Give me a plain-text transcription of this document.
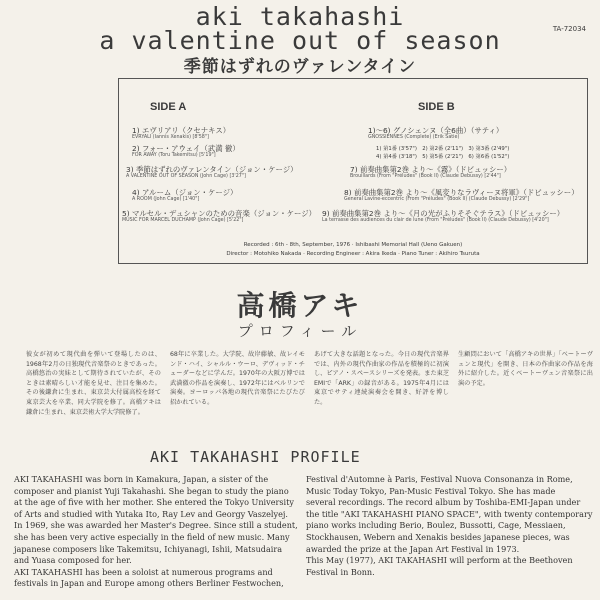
aki takahashi
a valentine out of season
季節はずれのヴァレンタイン
TA-72034
SIDE A	SIDE B
1) エヴリアリ（クセナキス）
EVRYALI (Iannis Xenakis) [8'58"]
2) フォー・アウェイ（武満 徹）
FOR AWAY (Toru Takemitsu) [5'19"]
3) 季節はずれのヴァレンタイン（ジョン・ケージ）
A VALENTINE OUT OF SEASON (John Cage) [3'27"]
4) アルーム（ジョン・ケージ）
A ROOM (John Cage) [1'40"]
5) マルセル・デュシャンのための音楽（ジョン・ケージ）
MUSIC FOR MARCEL DUCHAMP (John Cage) [5'22"]
1)～6) グノシェンヌ（全6曲）（サティ）
GNOSSIENNES (Complete) (Erik Satie)
1) 第1番 (3'57")　2) 第2番 (2'11")　3) 第3番 (2'49")
4) 第4番 (3'18")　5) 第5番 (2'21")　6) 第6番 (1'52")
7) 前奏曲集第2巻 より～《霧》（ドビュッシー）
Brouillards (From "Préludes" (Book II) (Claude Debussy) [2'44"]
8) 前奏曲集第2巻 より～《風変りなラヴィーヌ将軍》（ドビュッシー）
General Lavine-eccentric (From "Préludes" (Book II) (Claude Debussy) [2'29"]
9) 前奏曲集第2巻 より～《月の光がふりそそぐテラス》（ドビュッシー）
La terrasse des audiences du clair de lune (From "Préludes" (Book II) (Claude Debussy) [4'20"]
Recorded : 6th - 8th, September, 1976 · Ishibashi Memorial Hall (Ueno Gakuen)
Director : Motohiko Nakada · Recording Engineer : Akira Ikeda · Piano Tuner : Akihiro Tsuruta
高橋アキ
プロフィール
彼女が初めて現代曲を弾いて登場したのは、1968年2月の日独現代音楽祭のときであった。高橋悠治の実妹として期待されていたが、そのときは素晴らしい才能を見せ、注目を集めた。その後鎌倉に生まれ、東京芸大付属高校を経て東京芸大を卒業、同大学院を修了。高橋アキは鎌倉に生まれ、東京芸術大学大学院修了。
68年に卒業した。大学院、故岸藤敏、故レイモンド・ハイ、シャルル・ウーロ、デヴィッド・チューダーなどに学んだ。1970年の大阪万博では武満徹の作品を演奏し、1972年にはベルリンで演奏。ヨーロッパ各地の現代音楽祭にたびたび招かれている。
あげて大きな話題となった。今日の現代音楽界では、内外の現代作曲家の作品を積極的に初演し、ピアノ・スペースシリーズを発表。また東芝EMIで「ARK」の録音がある。1975年4月には東京でサティ連続演奏会を開き、好評を博した。
生顧問において「高橋アキの世界」「ベートーヴェンと現代」を開き、日本の作曲家の作品を海外に紹介した。近くベートーヴェン音楽祭に出演の予定。
AKI TAKAHASHI PROFILE
AKI TAKAHASHI was born in Kamakura, Japan, a sister of the
composer and pianist Yuji Takahashi. She began to study the piano
at the age of five with her mother. She entered the Tokyo University
of Arts and studied with Yutaka Ito, Ray Lev and Georgy Vaszelyej.
In 1969, she was awarded her Master's Degree. Since still a student,
she has been very active especially in the field of new music. Many
japanese composers like Takemitsu, Ichiyanagi, Ishii, Matsudaira
and Yuasa composed for her.
AKI TAKAHASHI has been a soloist at numerous programs and
festivals in Japan and Europe among others Berliner Festwochen,
Festival d'Automne à Paris, Festival Nuova Consonanza in Rome,
Music Today Tokyo, Pan-Music Festival Tokyo. She has made
several recordings. The record album by Toshiba-EMI-Japan under
the title "AKI TAKAHASHI PIANO SPACE", with twenty contemporary
piano works including Berio, Boulez, Bussotti, Cage, Messiaen,
Stockhausen, Webern and Xenakis besides japanese pieces, was
awarded the prize at the Japan Art Festival in 1973.
This May (1977), AKI TAKAHASHI will perform at the Beethoven
Festival in Bonn.
